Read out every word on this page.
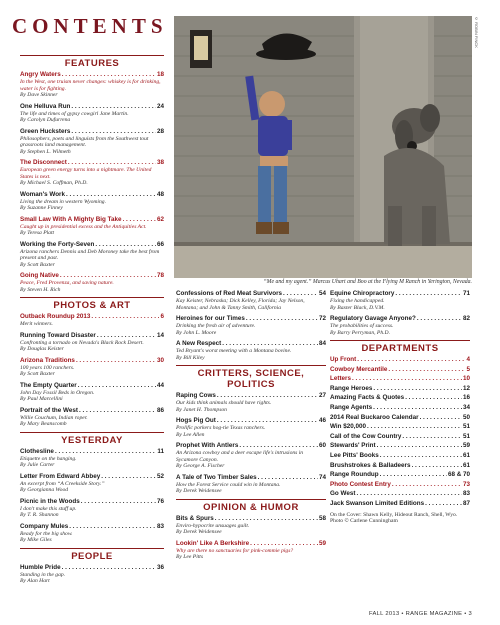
CONTENTS
FEATURES
Angry Waters . . .	18
In the West, one truism never changes: whiskey is for drinking, water is for fighting.
By Dave Skinner
One Helluva Run . . .	24
The life and times of gypsy cowgirl Jane Martin.
By Carolyn Dufurrena
Green Hucksters . . .	28
Philosophers, poets and linguists from the Southwest tout grassroots land management.
By Stephen L. Wilmeth
The Disconnect . . .	38
European green energy turns into a nightmare. The United States is next.
By Michael S. Coffman, Ph.D.
Woman's Work . . .	48
Living the dream in western Wyoming.
By Suzanne Finney
Small Law With A Mighty Big Take . . .	62
Caught up in presidential excess and the Antiquities Act.
By Teresa Platt
Working the Forty-Seven . . .	66
Arizona ranchers Dennis and Deb Moroney take the best from present and past.
By Scott Baxter
Going Native . . .	78
Peace, Fred Provenza, and saving nature.
By Steven H. Rich
PHOTOS & ART
Outback Roundup 2013 . . .	6
Merit winners.
Running Toward Disaster . . .	14
Confronting a tornado on Nevada's Black Rock Desert.
By Douglas Keister
Arizona Traditions . . .	30
100 years 100 ranchers.
By Scott Baxter
The Empty Quarter . . .	44
John Day Fossil Beds in Oregon.
By Paul Marcellini
Portrait of the West . . .	86
Willie Couchum, Indian roper.
By Mary Beanscomb
YESTERDAY
Clothesline . . .	11
Etiquette on the hanging.
By Julie Carter
Letter From Edward Abbey . . .	52
An excerpt from “A Creekside Story.”
By Georgianna Wood
Picnic in the Woods . . .	76
I don't make this stuff up.
By T. R. Shannon
Company Mules . . .	83
Ready for the big show.
By Mike Giles
PEOPLE
Humble Pride . . .	36
Standing in the gap.
By Alan Hart
© ROBIN FINCK
“Me and my agent.” Marcus Uhart and Boo at the Flying M Ranch in Yerington, Nevada.
Confessions of Red Meat Survivors . . .	54
Kay Keister, Nebraska; Dick Kelley, Florida; Jay Nelson, Montana; and John & Tanny Smith, California
Heroines for our Times . . .	72
Drinking the fresh air of adventure.
By John L. Moore
A New Respect . . .	84
Ted Bryant's worst meeting with a Montana bovine.
By Bill Kiley
CRITTERS, SCIENCE, POLITICS
Raping Cows . . .	27
Our kids think animals should have rights.
By Janet H. Thompson
Hogs Pig Out . . .	46
Prolific porkers hog-tie Texas ranchers.
By Lee Allen
Prophet With Antlers . . .	60
An Arizona cowboy and a deer escape life's intrusions in Sycamore Canyon.
By George A. Fischer
A Tale of Two Timber Sales . . .	74
How the Forest Service could win in Montana.
By Derek Weidensee
OPINION & HUMOR
Bits & Spurs . . .	58
Enviro-hypocrite unsuages guilt.
By Derek Weidensee
Lookin' Like A Berkshire . . .	59
Why are there no sanctuaries for pink-commie pigs?
By Lee Pitts
Equine Chiropractory . . .	71
Fixing the handicapped.
By Baxter Black, D.V.M.
Regulatory Gavage Anyone? . . .	82
The probabilities of success.
By Barry Perryman, Ph.D.
DEPARTMENTS
Up Front . . .	4
Cowboy Mercantile . . .	5
Letters . . .	10
Range Heroes . . .	12
Amazing Facts & Quotes . . .	16
Range Agents . . .	34
2014 Real Buckaroo Calendar . . .	50
Win $20,000 . . .	51
Call of the Cow Country . . .	51
Stewards' Print . . .	59
Lee Pitts' Books . . .	61
Brushstrokes & Balladeers . . .	61
Range Roundup . . .	68 & 70
Photo Contest Entry . . .	73
Go West . . .	83
Jack Swanson Limited Editions . . .	87
On the Cover: Shawn Kelly, Hideout Ranch, Shell, Wyo. Photo © Carlene Cunningham
FALL 2013 • RANGE MAGAZINE • 3
